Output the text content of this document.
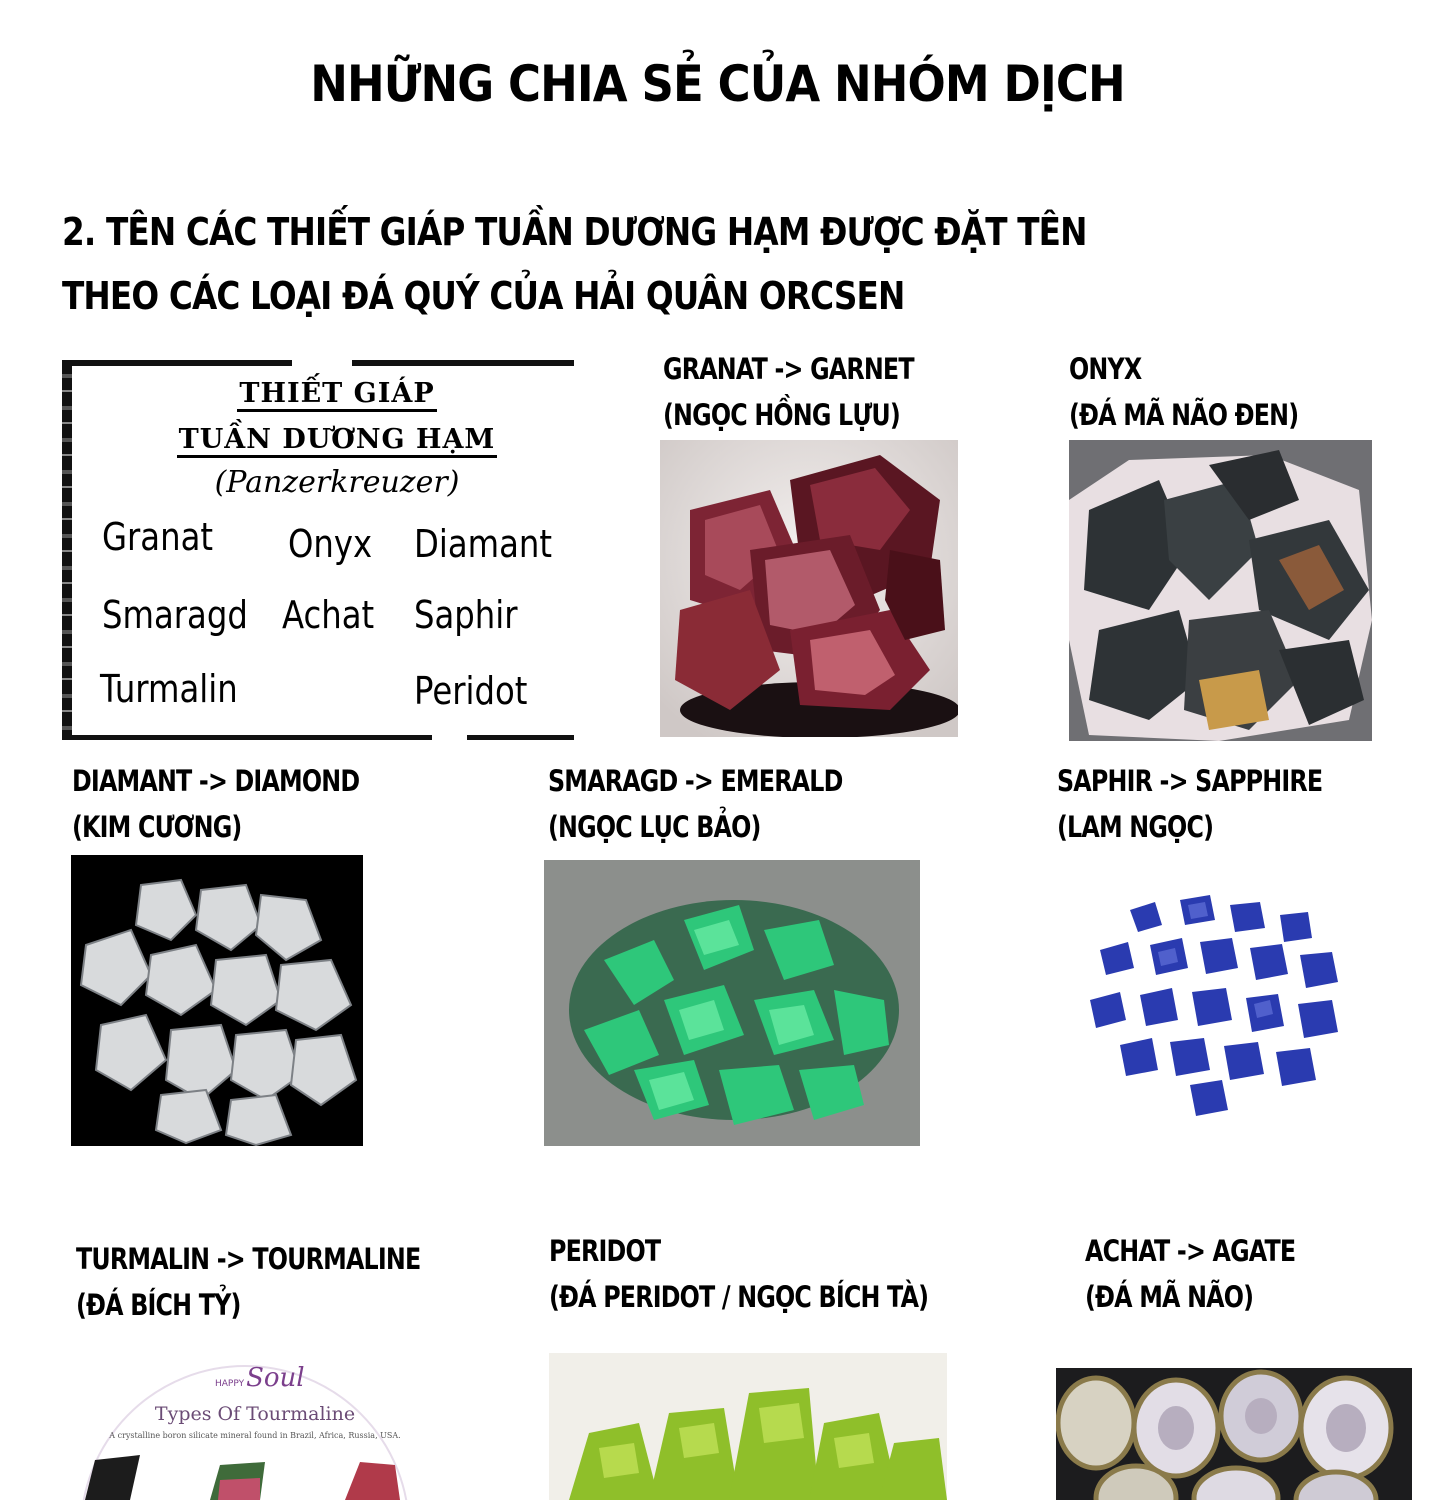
NHỮNG CHIA SẺ CỦA NHÓM DỊCH
2. TÊN CÁC THIẾT GIÁP TUẦN DƯƠNG HẠM ĐƯỢC ĐẶT TÊN
THEO CÁC LOẠI ĐÁ QUÝ CỦA HẢI QUÂN ORCSEN
THIẾT GIÁP
TUẦN DƯƠNG HẠM
(Panzerkreuzer)
Granat Onyx Diamant
Smaragd Achat Saphir
Turmalin	Peridot
GRANAT -> GARNET
(NGỌC HỒNG LỰU)
ONYX
(ĐÁ MÃ NÃO ĐEN)
DIAMANT -> DIAMOND
(KIM CƯƠNG)
SMARAGD -> EMERALD
(NGỌC LỤC BẢO)
SAPHIR -> SAPPHIRE
(LAM NGỌC)
TURMALIN -> TOURMALINE
(ĐÁ BÍCH TỶ)
HAPPYSoul
Types Of Tourmaline
A crystalline boron silicate mineral found in Brazil, Africa, Russia, USA.
PERIDOT
(ĐÁ PERIDOT / NGỌC BÍCH TÀ)
ACHAT -> AGATE
(ĐÁ MÃ NÃO)
